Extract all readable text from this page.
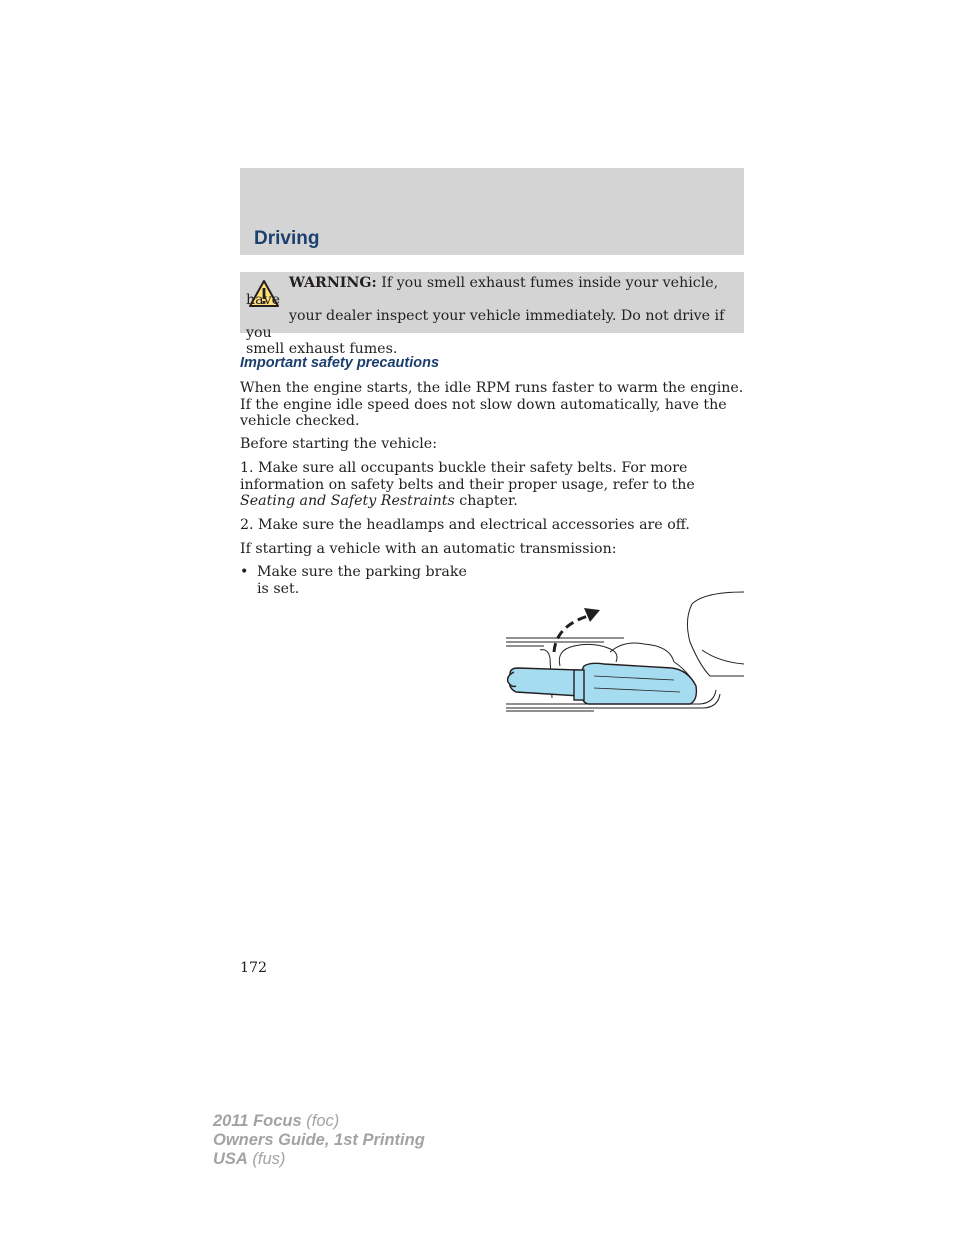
Driving

WARNING: If you smell exhaust fumes inside your vehicle, have
your dealer inspect your vehicle immediately. Do not drive if you
smell exhaust fumes.

Important safety precautions

When the engine starts, the idle RPM runs faster to warm the engine. If the engine idle speed does not slow down automatically, have the vehicle checked.

Before starting the vehicle:

1. Make sure all occupants buckle their safety belts. For more information on safety belts and their proper usage, refer to the Seating and Safety Restraints chapter.

2. Make sure the headlamps and electrical accessories are off.

If starting a vehicle with an automatic transmission:

• Make sure the parking brake is set.

172

2011 Focus (foc)
Owners Guide, 1st Printing
USA (fus)
